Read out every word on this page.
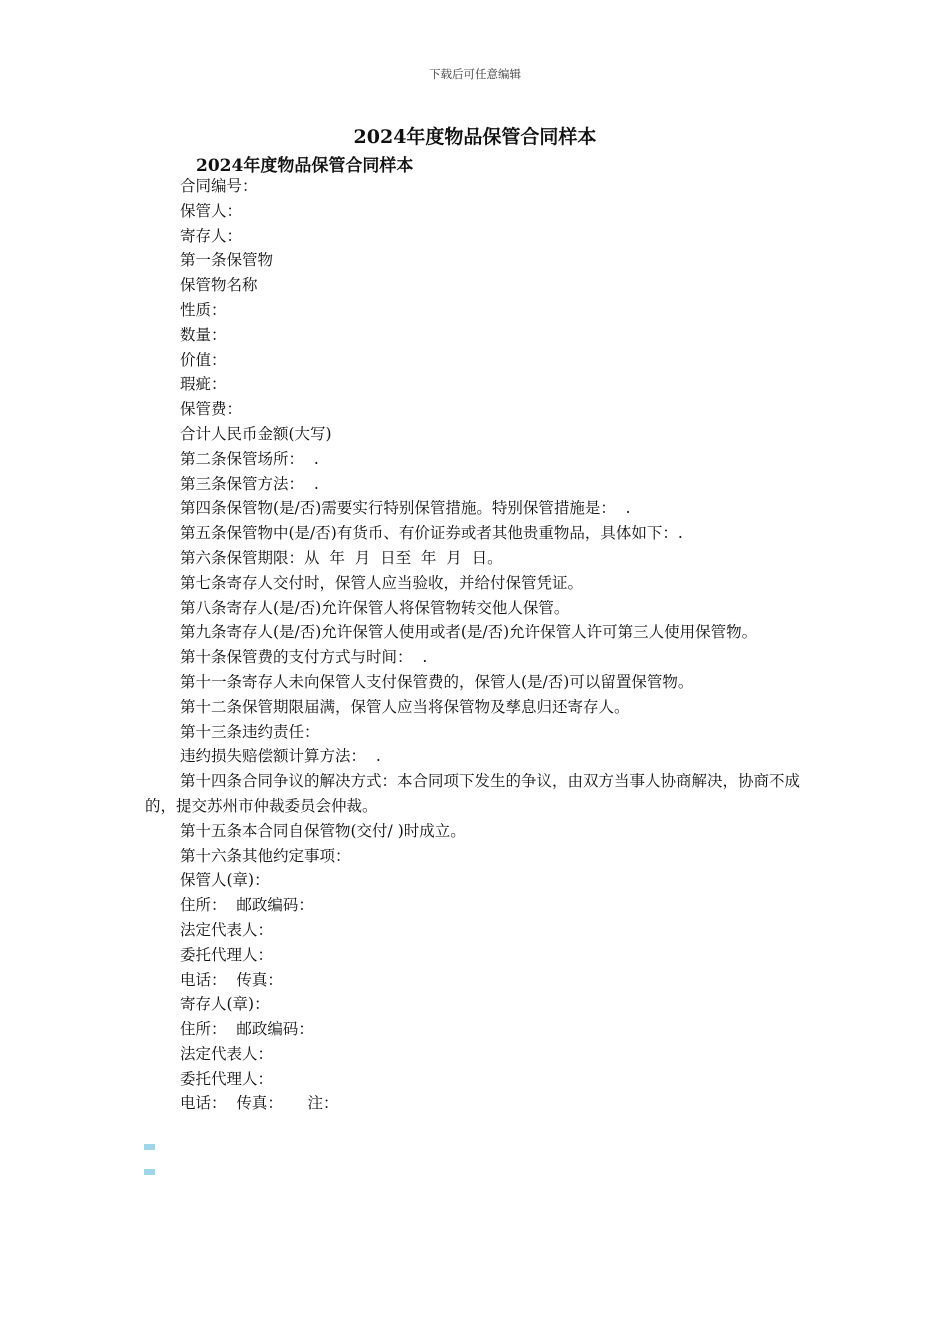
下载后可任意编辑
2024年度物品保管合同样本
2024年度物品保管合同样本
合同编号：
保管人：
寄存人：
第一条保管物
保管物名称
性质：
数量：
价值：
瑕疵：
保管费：
合计人民币金额(大写)
第二条保管场所：  .
第三条保管方法：  .
第四条保管物(是/否)需要实行特别保管措施。特别保管措施是：  .
第五条保管物中(是/否)有货币、有价证券或者其他贵重物品，具体如下：.
第六条保管期限：从  年  月  日至  年  月  日。
第七条寄存人交付时，保管人应当验收，并给付保管凭证。
第八条寄存人(是/否)允许保管人将保管物转交他人保管。
第九条寄存人(是/否)允许保管人使用或者(是/否)允许保管人许可第三人使用保管物。
第十条保管费的支付方式与时间：  .
第十一条寄存人未向保管人支付保管费的，保管人(是/否)可以留置保管物。
第十二条保管期限届满，保管人应当将保管物及孳息归还寄存人。
第十三条违约责任：
违约损失赔偿额计算方法：  .
第十四条合同争议的解决方式：本合同项下发生的争议，由双方当事人协商解决，协商不成的，提交苏州市仲裁委员会仲裁。
第十五条本合同自保管物(交付/ )时成立。
第十六条其他约定事项：
保管人(章)：
住所：  邮政编码：
法定代表人：
委托代理人：
电话：  传真：
寄存人(章)：
住所：  邮政编码：
法定代表人：
委托代理人：
电话：  传真：     注：
